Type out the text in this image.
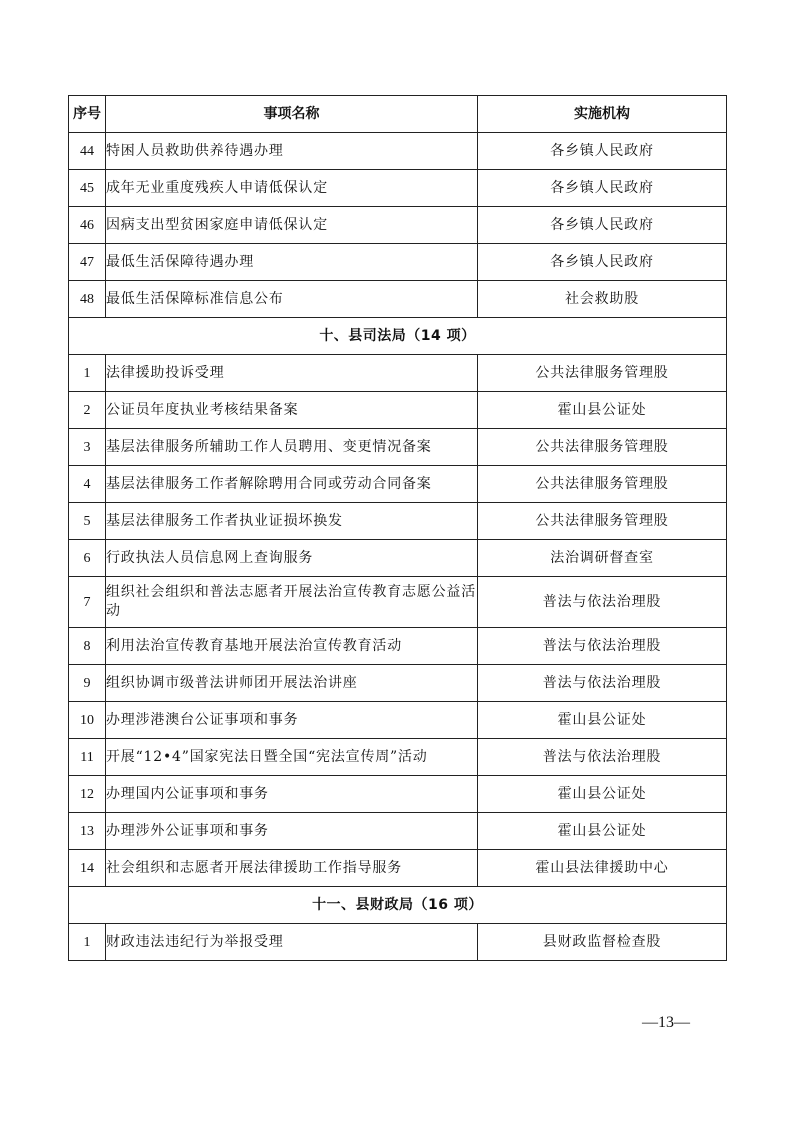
序号	事项名称	实施机构
44	特困人员救助供养待遇办理	各乡镇人民政府
45	成年无业重度残疾人申请低保认定	各乡镇人民政府
46	因病支出型贫困家庭申请低保认定	各乡镇人民政府
47	最低生活保障待遇办理	各乡镇人民政府
48	最低生活保障标准信息公布	社会救助股
十、县司法局（14 项）		
1	法律援助投诉受理	公共法律服务管理股
2	公证员年度执业考核结果备案	霍山县公证处
3	基层法律服务所辅助工作人员聘用、变更情况备案	公共法律服务管理股
4	基层法律服务工作者解除聘用合同或劳动合同备案	公共法律服务管理股
5	基层法律服务工作者执业证损坏换发	公共法律服务管理股
6	行政执法人员信息网上查询服务	法治调研督查室
7	组织社会组织和普法志愿者开展法治宣传教育志愿公益活动	普法与依法治理股
8	利用法治宣传教育基地开展法治宣传教育活动	普法与依法治理股
9	组织协调市级普法讲师团开展法治讲座	普法与依法治理股
10	办理涉港澳台公证事项和事务	霍山县公证处
11	开展“12•4”国家宪法日暨全国“宪法宣传周”活动	普法与依法治理股
12	办理国内公证事项和事务	霍山县公证处
13	办理涉外公证事项和事务	霍山县公证处
14	社会组织和志愿者开展法律援助工作指导服务	霍山县法律援助中心
十一、县财政局（16 项）		
1	财政违法违纪行为举报受理	县财政监督检查股
—13—
